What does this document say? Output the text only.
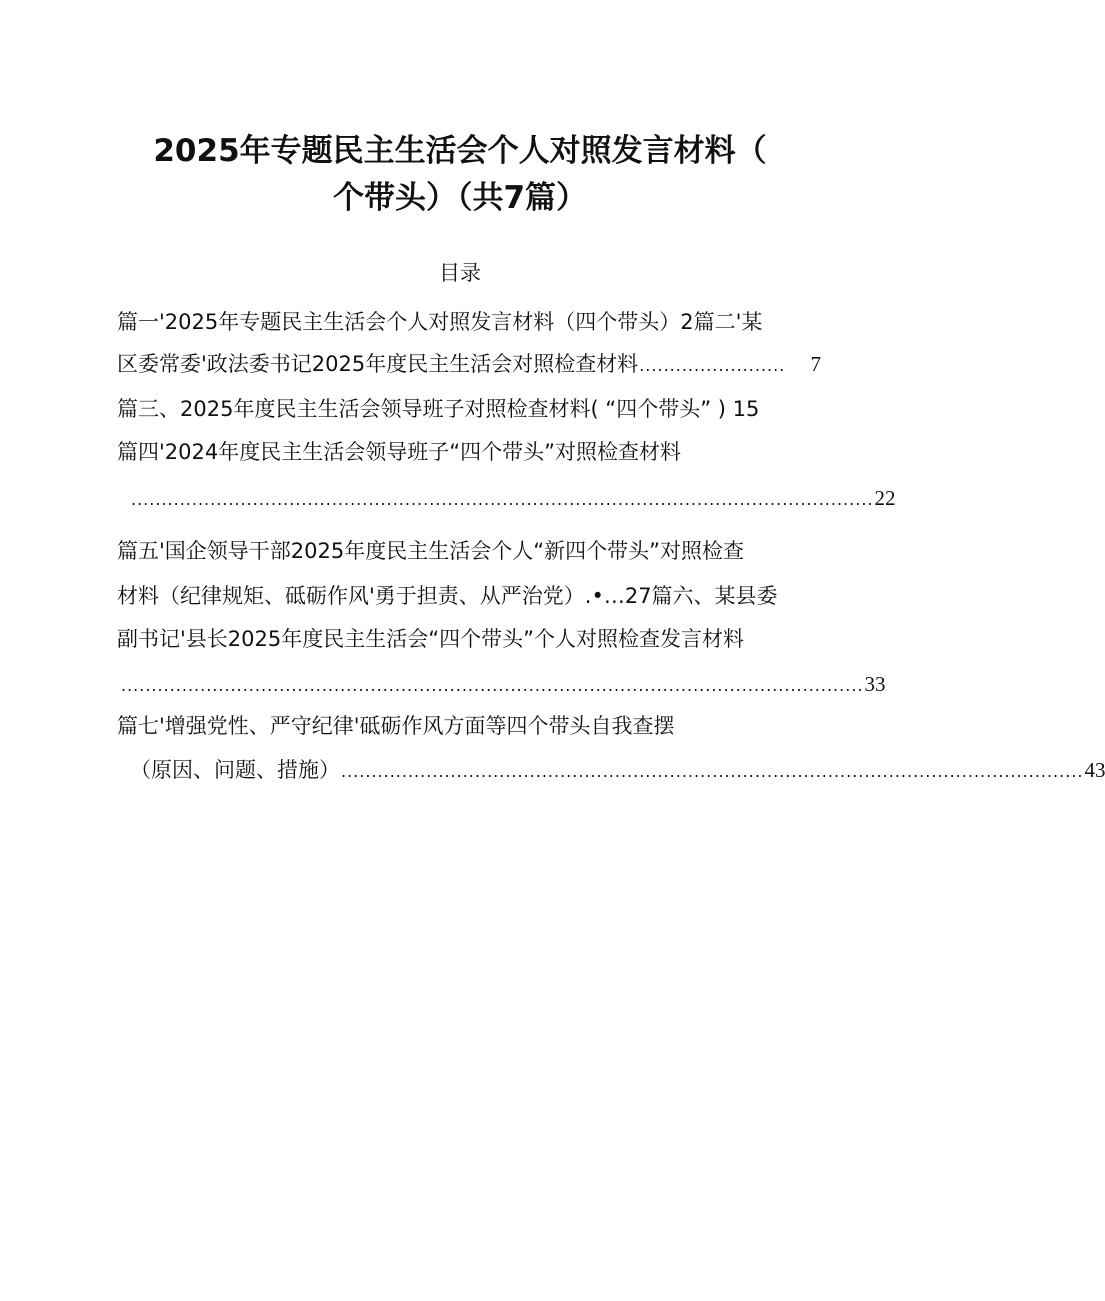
2025年专题民主生活会个人对照发言材料（
个带头）（共7篇）
目录
篇一'2025年专题民主生活会个人对照发言材料（四个带头）2篇二'某
区委常委'政法委书记2025年度民主生活会对照检查材料 ........................	7
篇三、2025年度民主生活会领导班子对照检查材料( “四个带头” ) 15
篇四'2024年度民主生活会领导班子“四个带头”对照检查材料
.......................................................................................................................... 22
篇五'国企领导干部2025年度民主生活会个人“新四个带头”对照检查
材料（纪律规矩、砥砺作风'勇于担责、从严治党）.•…27篇六、某县委
副书记'县长2025年度民主生活会“四个带头”个人对照检查发言材料
.......................................................................................................................... 33
篇七'增强党性、严守纪律'砥砺作风方面等四个带头自我查摆
（原因、问题、措施） .......................................................................................................................... 43
